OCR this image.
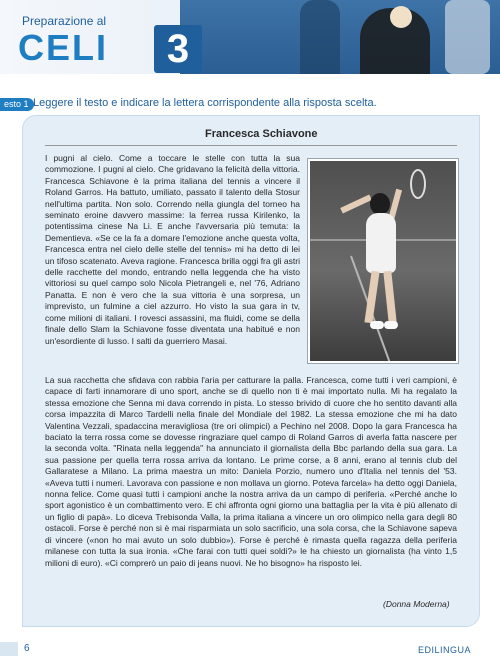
Preparazione al
CELI	3
esto 1 Leggere il testo e indicare la lettera corrispondente alla risposta scelta.
Francesca Schiavone

I pugni al cielo. Come a toccare le stelle con tutta la sua commozione. I pugni al cielo. Che gridavano la felicità della vittoria. Francesca Schiavone è la prima italiana del tennis a vincere il Roland Garros. Ha battuto, umiliato, passato il talento della Stosur nell'ultima partita. Non solo. Correndo nella giungla del torneo ha seminato eroine davvero massime: la ferrea russa Kirilenko, la potentissima cinese Na Li. E anche l'avversaria più temuta: la Dementieva. «Se ce la fa a domare l'emozione anche questa volta, Francesca entra nel cielo delle stelle del tennis» mi ha detto di lei un tifoso scatenato. Aveva ragione. Francesca brilla oggi fra gli astri delle racchette del mondo, entrando nella leggenda che ha visto vittoriosi su quel campo solo Nicola Pietrangeli e, nel '76, Adriano Panatta. E non è vero che la sua vittoria è una sorpresa, un imprevisto, un fulmine a ciel azzurro. Ho visto la sua gara in tv, come milioni di italiani. I rovesci assassini, ma fluidi, come se della finale dello Slam la Schiavone fosse diventata una habitué e non un'esordiente di lusso. I salti da guerriero Masai.

La sua racchetta che sfidava con rabbia l'aria per catturare la palla. Francesca, come tutti i veri campioni, è capace di farti innamorare di uno sport, anche se di quello non ti è mai importato nulla. Mi ha regalato la stessa emozione che Senna mi dava correndo in pista. Lo stesso brivido di cuore che ho sentito davanti alla corsa impazzita di Marco Tardelli nella finale del Mondiale del 1982. La stessa emozione che mi ha dato Valentina Vezzali, spadaccina meravigliosa (tre ori olimpici) a Pechino nel 2008. Dopo la gara Francesca ha baciato la terra rossa come se dovesse ringraziare quel campo di Roland Garros di averla fatta nascere per la seconda volta. "Rinata nella leggenda" ha annunciato il giornalista della Bbc parlando della sua gara. La sua passione per quella terra rossa arriva da lontano. Le prime corse, a 8 anni, erano al tennis club del Gallaratese a Milano. La prima maestra un mito: Daniela Porzio, numero uno d'Italia nel tennis del '53. «Aveva tutti i numeri. Lavorava con passione e non mollava un giorno. Poteva farcela» ha detto oggi Daniela, nonna felice. Come quasi tutti i campioni anche la nostra arriva da un campo di periferia. «Perché anche lo sport agonistico è un combattimento vero. E chi affronta ogni giorno una battaglia per la vita è più allenato di un figlio di papà». Lo diceva Trebisonda Valla, la prima italiana a vincere un oro olimpico nella gara degli 80 ostacoli. Forse è perché non si è mai risparmiata un solo sacrificio, una sola corsa, che la Schiavone sapeva di vincere («non ho mai avuto un solo dubbio»). Forse è perché è rimasta quella ragazza della periferia milanese con tutta la sua ironia. «Che farai con tutti quei soldi?» le ha chiesto un giornalista (ha vinto 1,5 milioni di euro). «Ci comprerò un paio di jeans nuovi. Ne ho bisogno» ha risposto lei.

(Donna Moderna)
6	EDILINGUA
